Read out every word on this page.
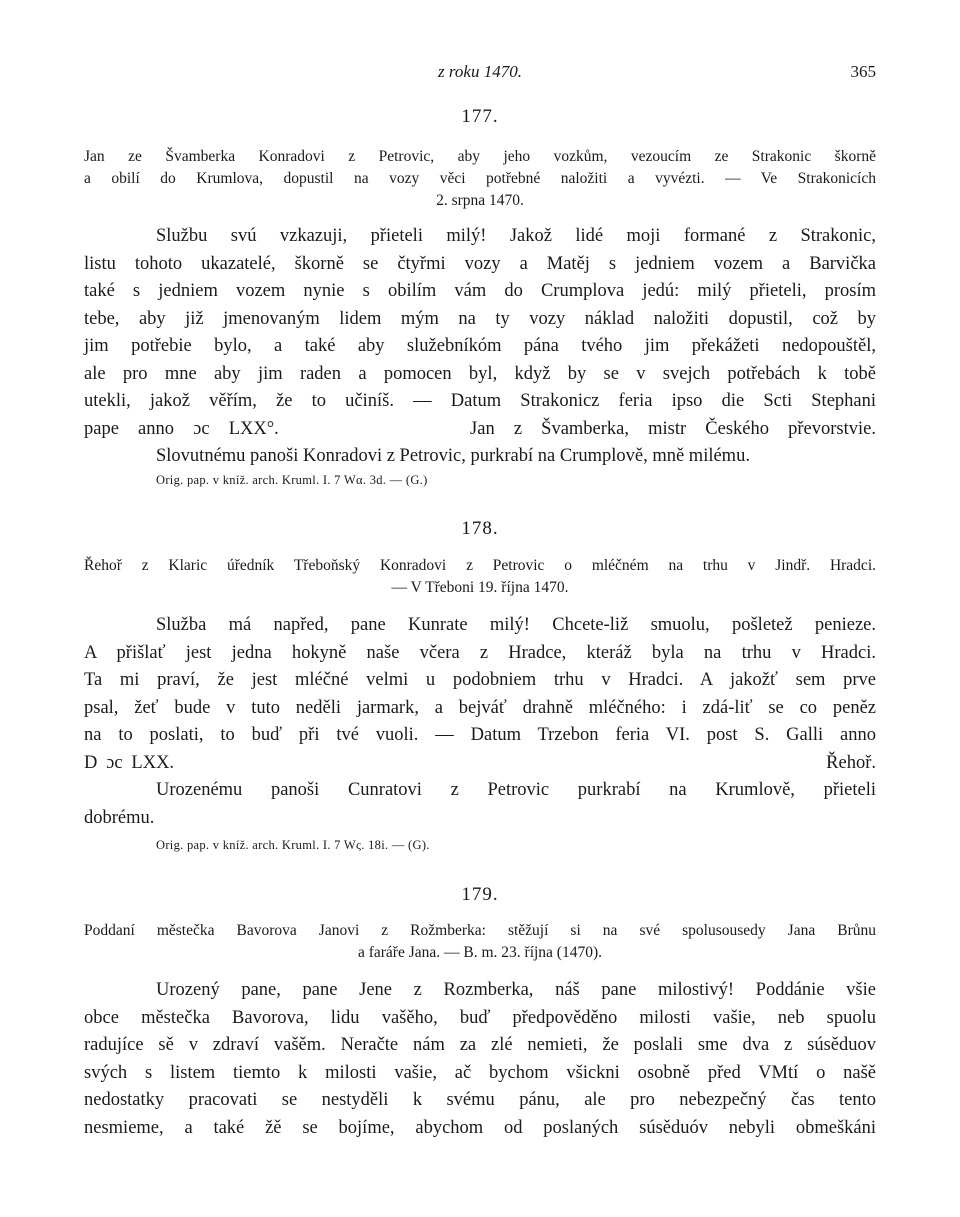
z roku 1470.	365
177.
Jan ze Švamberka Konradovi z Petrovic, aby jeho vozkům, vezoucím ze Strakonic škorně
a obilí do Krumlova, dopustil na vozy věci potřebné naložiti a vyvézti. — Ve Strakonicích
2. srpna 1470.
Službu svú vzkazuji, přieteli milý! Jakož lidé moji formané z Strakonic,
listu tohoto ukazatelé, škorně se čtyřmi vozy a Matěj s jedniem vozem a Barvička
také s jedniem vozem nynie s obilím vám do Crumplova jedú: milý přieteli, prosím
tebe, aby již jmenovaným lidem mým na ty vozy náklad naložiti dopustil, což by
jim potřebie bylo, a také aby služebníkóm pána tvého jim překážeti nedopouštěl,
ale pro mne aby jim raden a pomocen byl, když by se v svejch potřebách k tobě
utekli, jakož věřím, že to učiníš. — Datum Strakonicz feria ipso die Scti Stephani
pape anno ɔc LXX°.          Jan z Švamberka, mistr Českého převorstvie.
Slovutnému panoši Konradovi z Petrovic, purkrabí na Crumplově, mně milému.
Orig. pap. v kníž. arch. Kruml. I. 7 Wα. 3d. — (G.)
178.
Řehoř z Klaric úředník Třeboňský Konradovi z Petrovic o mléčném na trhu v Jindř. Hradci.
— V Třeboni 19. října 1470.
Služba má napřed, pane Kunrate milý! Chcete-liž smuolu, pošletež penieze.
A přišlať jest jedna hokyně naše včera z Hradce, kteráž byla na trhu v Hradci.
Ta mi praví, že jest mléčné velmi u podobniem trhu v Hradci. A jakožť sem prve
psal, žeť bude v tuto neděli jarmark, a bejváť drahně mléčného: i zdá-liť se co peněz
na to poslati, to buď při tvé vuoli. — Datum Trzebon feria VI. post S. Galli anno
D ɔc LXX.                                                                          Řehoř.
Urozenému panoši Cunratovi z Petrovic purkrabí na Krumlově, přieteli
dobrému.
Orig. pap. v kníž. arch. Kruml. I. 7 Wς. 18i. — (G).
179.
Poddaní městečka Bavorova Janovi z Rožmberka: stěžují si na své spolusousedy Jana Brůnu
a faráře Jana. — B. m. 23. října (1470).
Urozený pane, pane Jene z Rozmberka, náš pane milostivý! Poddánie všie
obce městečka Bavorova, lidu vašěho, buď předpověděno milosti vašie, neb spuolu
radujíce sě v zdraví vašěm. Neračte nám za zlé nemieti, že poslali sme dva z súsěduov
svých s listem tiemto k milosti vašie, ač bychom všickni osobně před VMtí o našě
nedostatky pracovati se nestyděli k svému pánu, ale pro nebezpečný čas tento
nesmieme, a také žě se bojíme, abychom od poslaných súsěduóv nebyli obmeškáni
